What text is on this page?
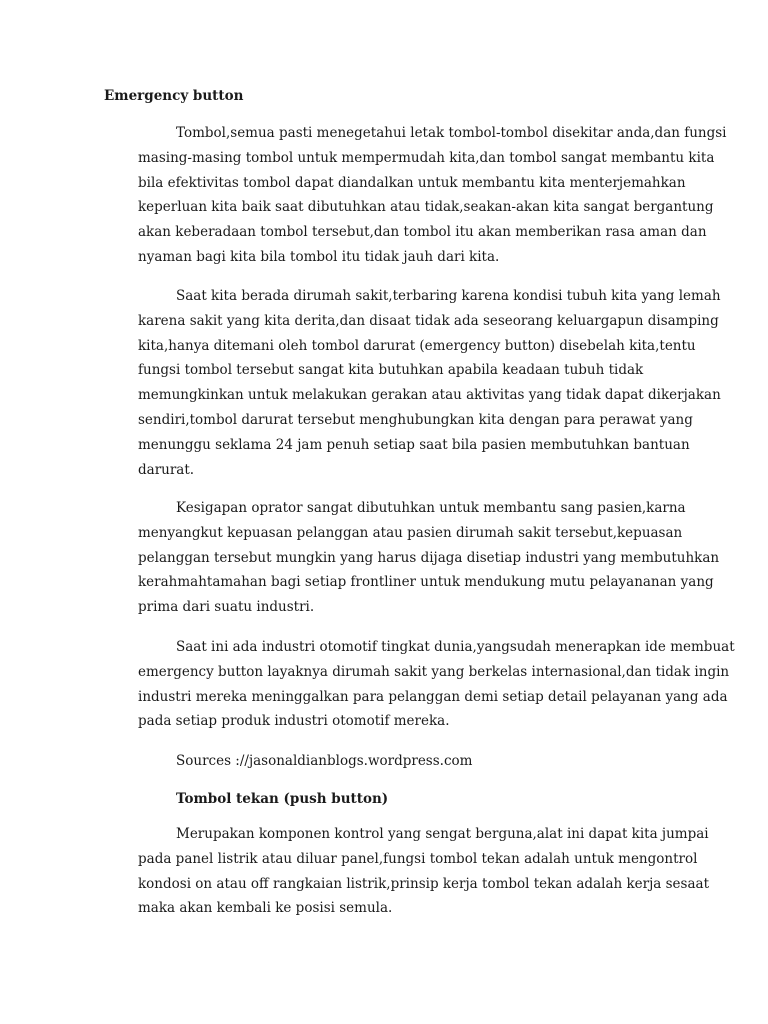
Emergency button
Tombol,semua pasti menegetahui letak tombol-tombol disekitar anda,dan fungsi
masing-masing tombol untuk mempermudah kita,dan tombol sangat membantu kita
bila efektivitas tombol dapat diandalkan untuk membantu kita menterjemahkan
keperluan kita baik saat dibutuhkan atau tidak,seakan-akan kita sangat bergantung
akan keberadaan tombol tersebut,dan tombol itu akan memberikan rasa aman dan
nyaman bagi kita bila tombol itu tidak jauh dari kita.
Saat kita berada dirumah sakit,terbaring karena kondisi tubuh kita yang lemah
karena sakit yang kita derita,dan disaat tidak ada seseorang keluargapun disamping
kita,hanya ditemani oleh tombol darurat (emergency button) disebelah kita,tentu
fungsi tombol tersebut sangat kita butuhkan apabila keadaan tubuh tidak
memungkinkan untuk melakukan gerakan atau aktivitas yang tidak dapat dikerjakan
sendiri,tombol darurat tersebut menghubungkan kita dengan para perawat yang
menunggu seklama 24 jam penuh setiap saat bila pasien membutuhkan bantuan
darurat.
Kesigapan oprator sangat dibutuhkan untuk membantu sang pasien,karna
menyangkut kepuasan pelanggan atau pasien dirumah sakit tersebut,kepuasan
pelanggan tersebut mungkin yang harus dijaga disetiap industri yang membutuhkan
kerahmahtamahan bagi setiap frontliner untuk mendukung mutu pelayananan yang
prima dari suatu industri.
Saat ini ada industri otomotif tingkat dunia,yangsudah menerapkan ide membuat
emergency button layaknya dirumah sakit yang berkelas internasional,dan tidak ingin
industri mereka meninggalkan para pelanggan demi setiap detail pelayanan yang ada
pada setiap produk industri otomotif mereka.
Sources ://jasonaldianblogs.wordpress.com
Tombol tekan (push button)
Merupakan komponen kontrol yang sengat berguna,alat ini dapat kita jumpai
pada panel listrik atau diluar panel,fungsi tombol tekan adalah untuk mengontrol
kondosi on atau off rangkaian listrik,prinsip kerja tombol tekan adalah kerja sesaat
maka akan kembali ke posisi semula.
